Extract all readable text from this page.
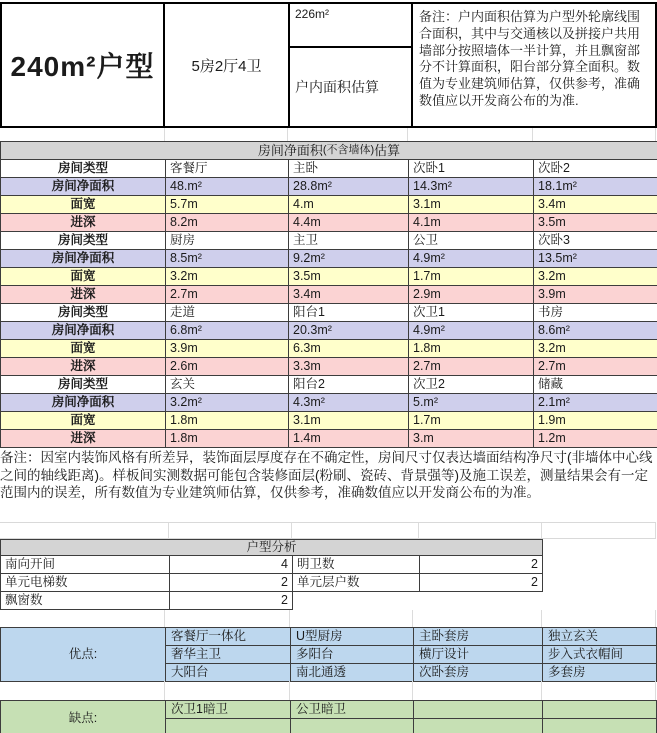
240m²户型	5房2厅4卫
226m²
户内面积估算
备注：户内面积估算为户型外轮廓线围合面积，其中与交通核以及拼接户共用墙部分按照墙体一半计算，并且飘窗部分不计算面积，阳台部分算全面积。数值为专业建筑师估算，仅供参考，准确数值应以开发商公布的为准.
房间净面积 (不含墙体) 估算
房间类型	客餐厅	主卧	次卧1	次卧2
房间净面积	48.m²	28.8m²	14.3m²	18.1m²
面宽	5.7m	4.m	3.1m	3.4m
进深	8.2m	4.4m	4.1m	3.5m
房间类型	厨房	主卫	公卫	次卧3
房间净面积	8.5m²	9.2m²	4.9m²	13.5m²
面宽	3.2m	3.5m	1.7m	3.2m
进深	2.7m	3.4m	2.9m	3.9m
房间类型	走道	阳台1	次卫1	书房
房间净面积	6.8m²	20.3m²	4.9m²	8.6m²
面宽	3.9m	6.3m	1.8m	3.2m
进深	2.6m	3.3m	2.7m	2.7m
房间类型	玄关	阳台2	次卫2	储藏
房间净面积	3.2m²	4.3m²	5.m²	2.1m²
面宽	1.8m	3.1m	1.7m	1.9m
进深	1.8m	1.4m	3.m	1.2m
备注：因室内装饰风格有所差异，装饰面层厚度存在不确定性，房间尺寸仅表达墙面结构净尺寸(非墙体中心线之间的轴线距离)。样板间实测数据可能包含装修面层(粉刷、瓷砖、背景强等)及施工误差，测量结果会有一定范围内的误差，所有数值为专业建筑师估算，仅供参考，准确数值应以开发商公布的为准。
户型分析
南向开间	4 明卫数	2
单元电梯数	2 单元层户数	2
飘窗数	2
优点:
客餐厅一体化	U型厨房	主卧套房	独立玄关
奢华主卫	多阳台	横厅设计	步入式衣帽间
大阳台	南北通透	次卧套房	多套房
缺点:
次卫1暗卫	公卫暗卫
